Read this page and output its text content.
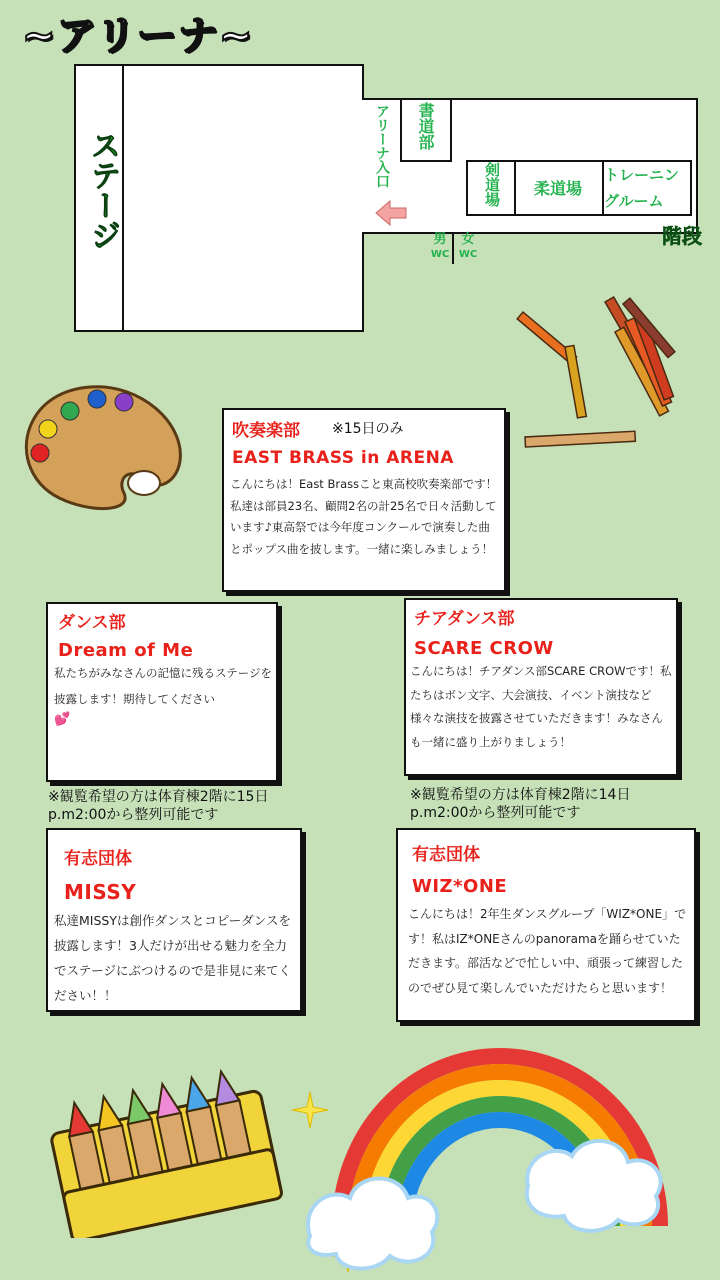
~アリーナ~
ステージ	アリーナ入口 書道部
剣道場 柔道場
トレーニングルーム
階段
男
WC
女
WC
吹奏楽部 ※15日のみ
EAST BRASS in ARENA
こんにちは！East Brassこと東高校吹奏楽部です！私達は部員23名、顧問2名の計25名で日々活動しています♪東高祭では今年度コンクールで演奏した曲とポップス曲を披します。一緒に楽しみましょう！
ダンス部
Dream of Me
私たちがみなさんの記憶に残るステージを披露します！期待してください
💕
※観覧希望の方は体育棟2階に15日
p.m2:00から整列可能です
チアダンス部
SCARE CROW
こんにちは！チアダンス部SCARE CROWです！私たちはボン文字、大会演技、イベント演技など様々な演技を披露させていただきます！みなさんも一緒に盛り上がりましょう！
※観覧希望の方は体育棟2階に14日
p.m2:00から整列可能です
有志団体
MISSY
私達MISSYは創作ダンスとコピーダンスを披露します！3人だけが出せる魅力を全力でステージにぶつけるので是非見に来てください！！
有志団体
WIZ*ONE
こんにちは！2年生ダンスグループ「WIZ*ONE」です！私はIZ*ONEさんのpanoramaを踊らせていただきます。部活などで忙しい中、頑張って練習したのでぜひ見て楽しんでいただけたらと思います！
